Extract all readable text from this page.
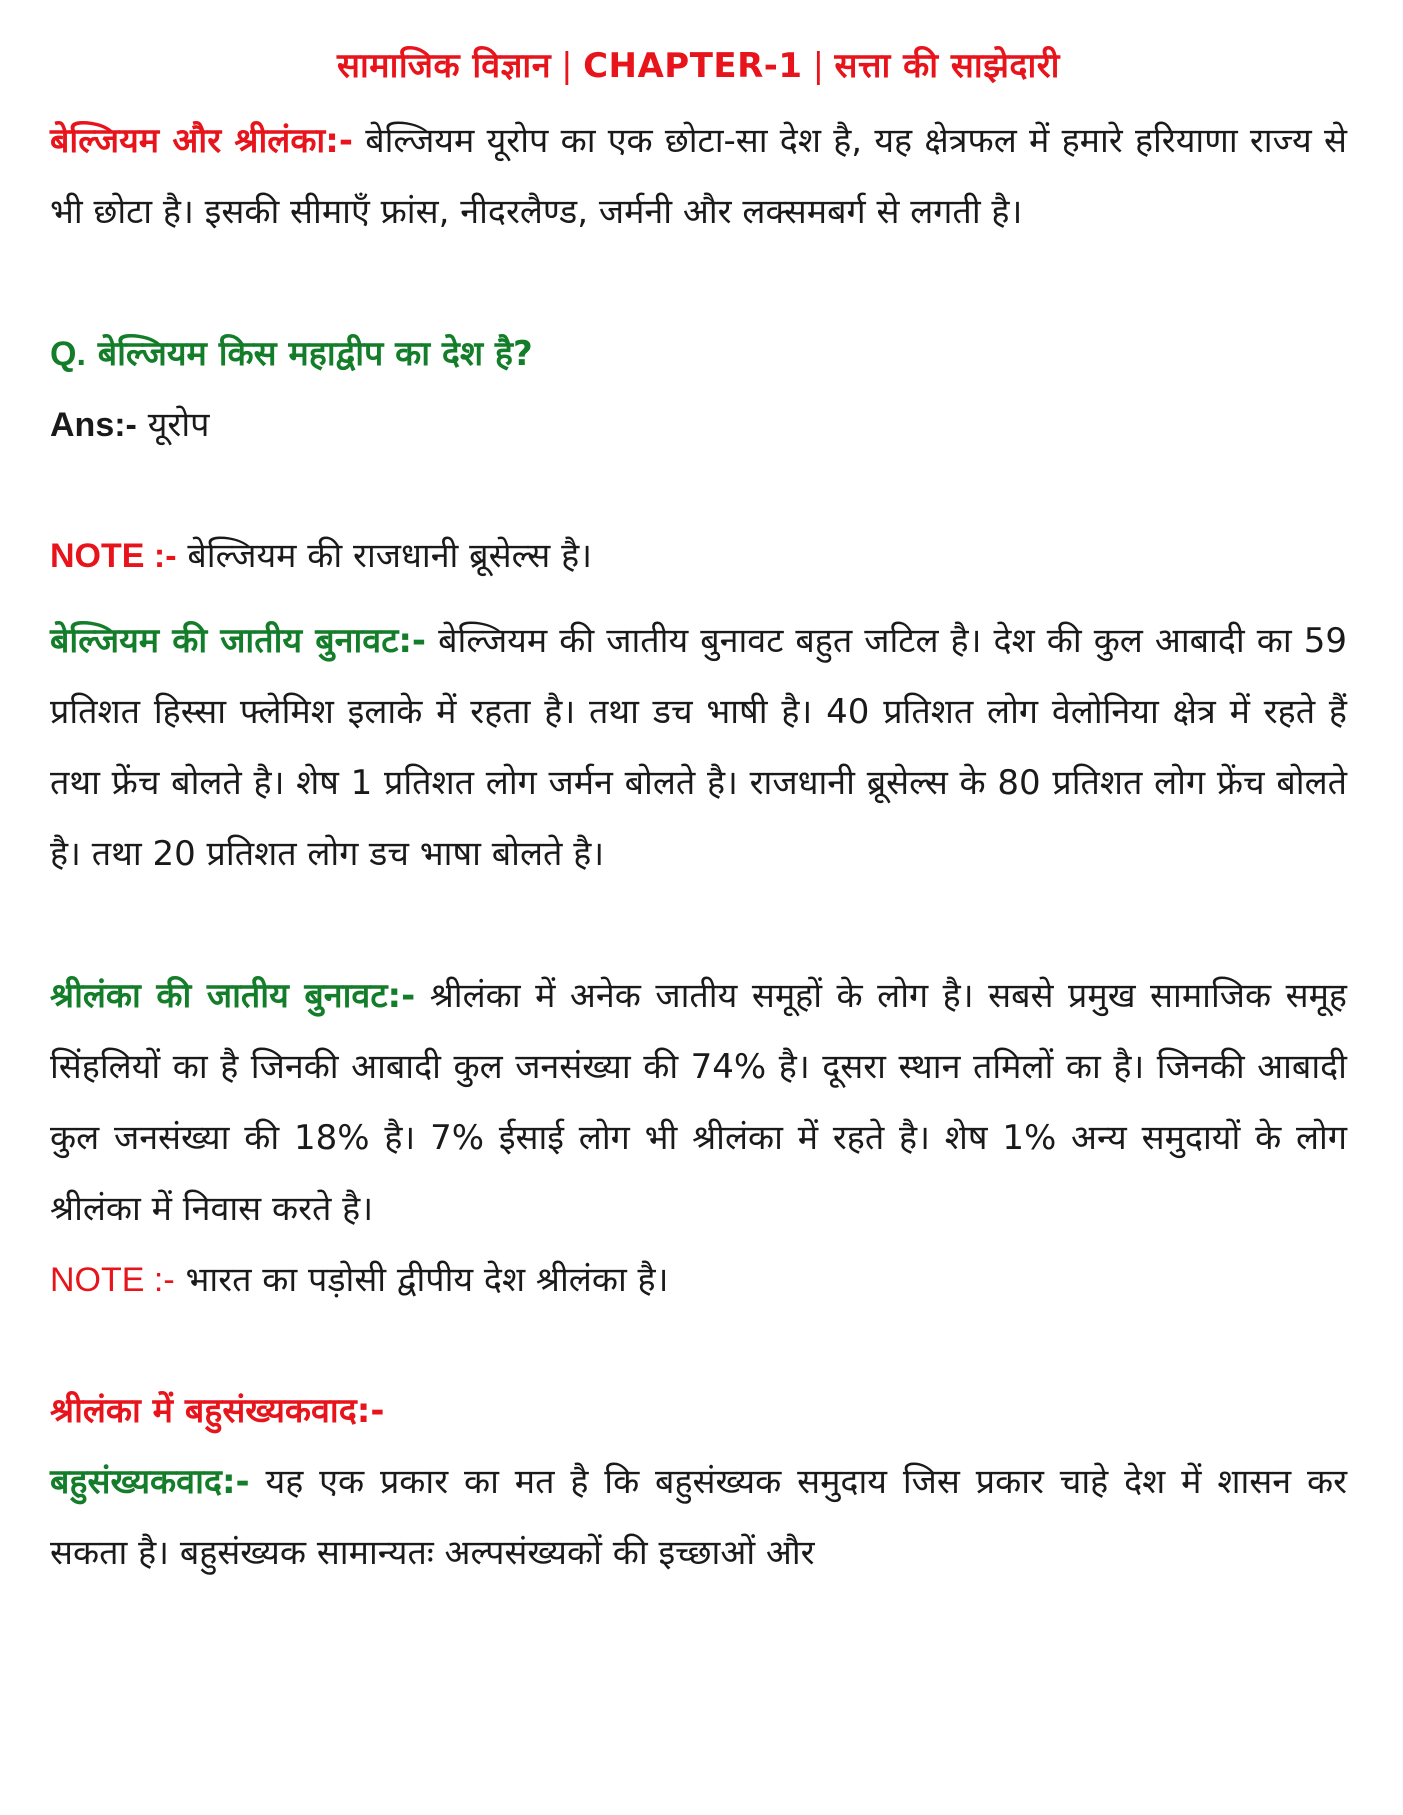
सामाजिक विज्ञान | CHAPTER-1 | सत्ता की साझेदारी

बेल्जियम और श्रीलंका:- बेल्जियम यूरोप का एक छोटा-सा देश है, यह क्षेत्रफल में हमारे हरियाणा राज्य से भी छोटा है। इसकी सीमाएँ फ्रांस, नीदरलैण्ड, जर्मनी और लक्समबर्ग से लगती है।

Q. बेल्जियम किस महाद्वीप का देश है?

Ans:- यूरोप

NOTE :- बेल्जियम की राजधानी ब्रूसेल्स है।

बेल्जियम की जातीय बुनावट:- बेल्जियम की जातीय बुनावट बहुत जटिल है। देश की कुल आबादी का 59 प्रतिशत हिस्सा फ्लेमिश इलाके में रहता है। तथा डच भाषी है। 40 प्रतिशत लोग वेलोनिया क्षेत्र में रहते हैं तथा फ्रेंच बोलते है। शेष 1 प्रतिशत लोग जर्मन बोलते है। राजधानी ब्रूसेल्स के 80 प्रतिशत लोग फ्रेंच बोलते है। तथा 20 प्रतिशत लोग डच भाषा बोलते है।

श्रीलंका की जातीय बुनावट:- श्रीलंका में अनेक जातीय समूहों के लोग है। सबसे प्रमुख सामाजिक समूह सिंहलियों का है जिनकी आबादी कुल जनसंख्या की 74% है। दूसरा स्थान तमिलों का है। जिनकी आबादी कुल जनसंख्या की 18% है। 7% ईसाई लोग भी श्रीलंका में रहते है। शेष 1% अन्य समुदायों के लोग श्रीलंका में निवास करते है।

NOTE :- भारत का पड़ोसी द्वीपीय देश श्रीलंका है।

श्रीलंका में बहुसंख्यकवाद:-

बहुसंख्यकवाद:- यह एक प्रकार का मत है कि बहुसंख्यक समुदाय जिस प्रकार चाहे देश में शासन कर सकता है। बहुसंख्यक सामान्यतः अल्पसंख्यकों की इच्छाओं और
